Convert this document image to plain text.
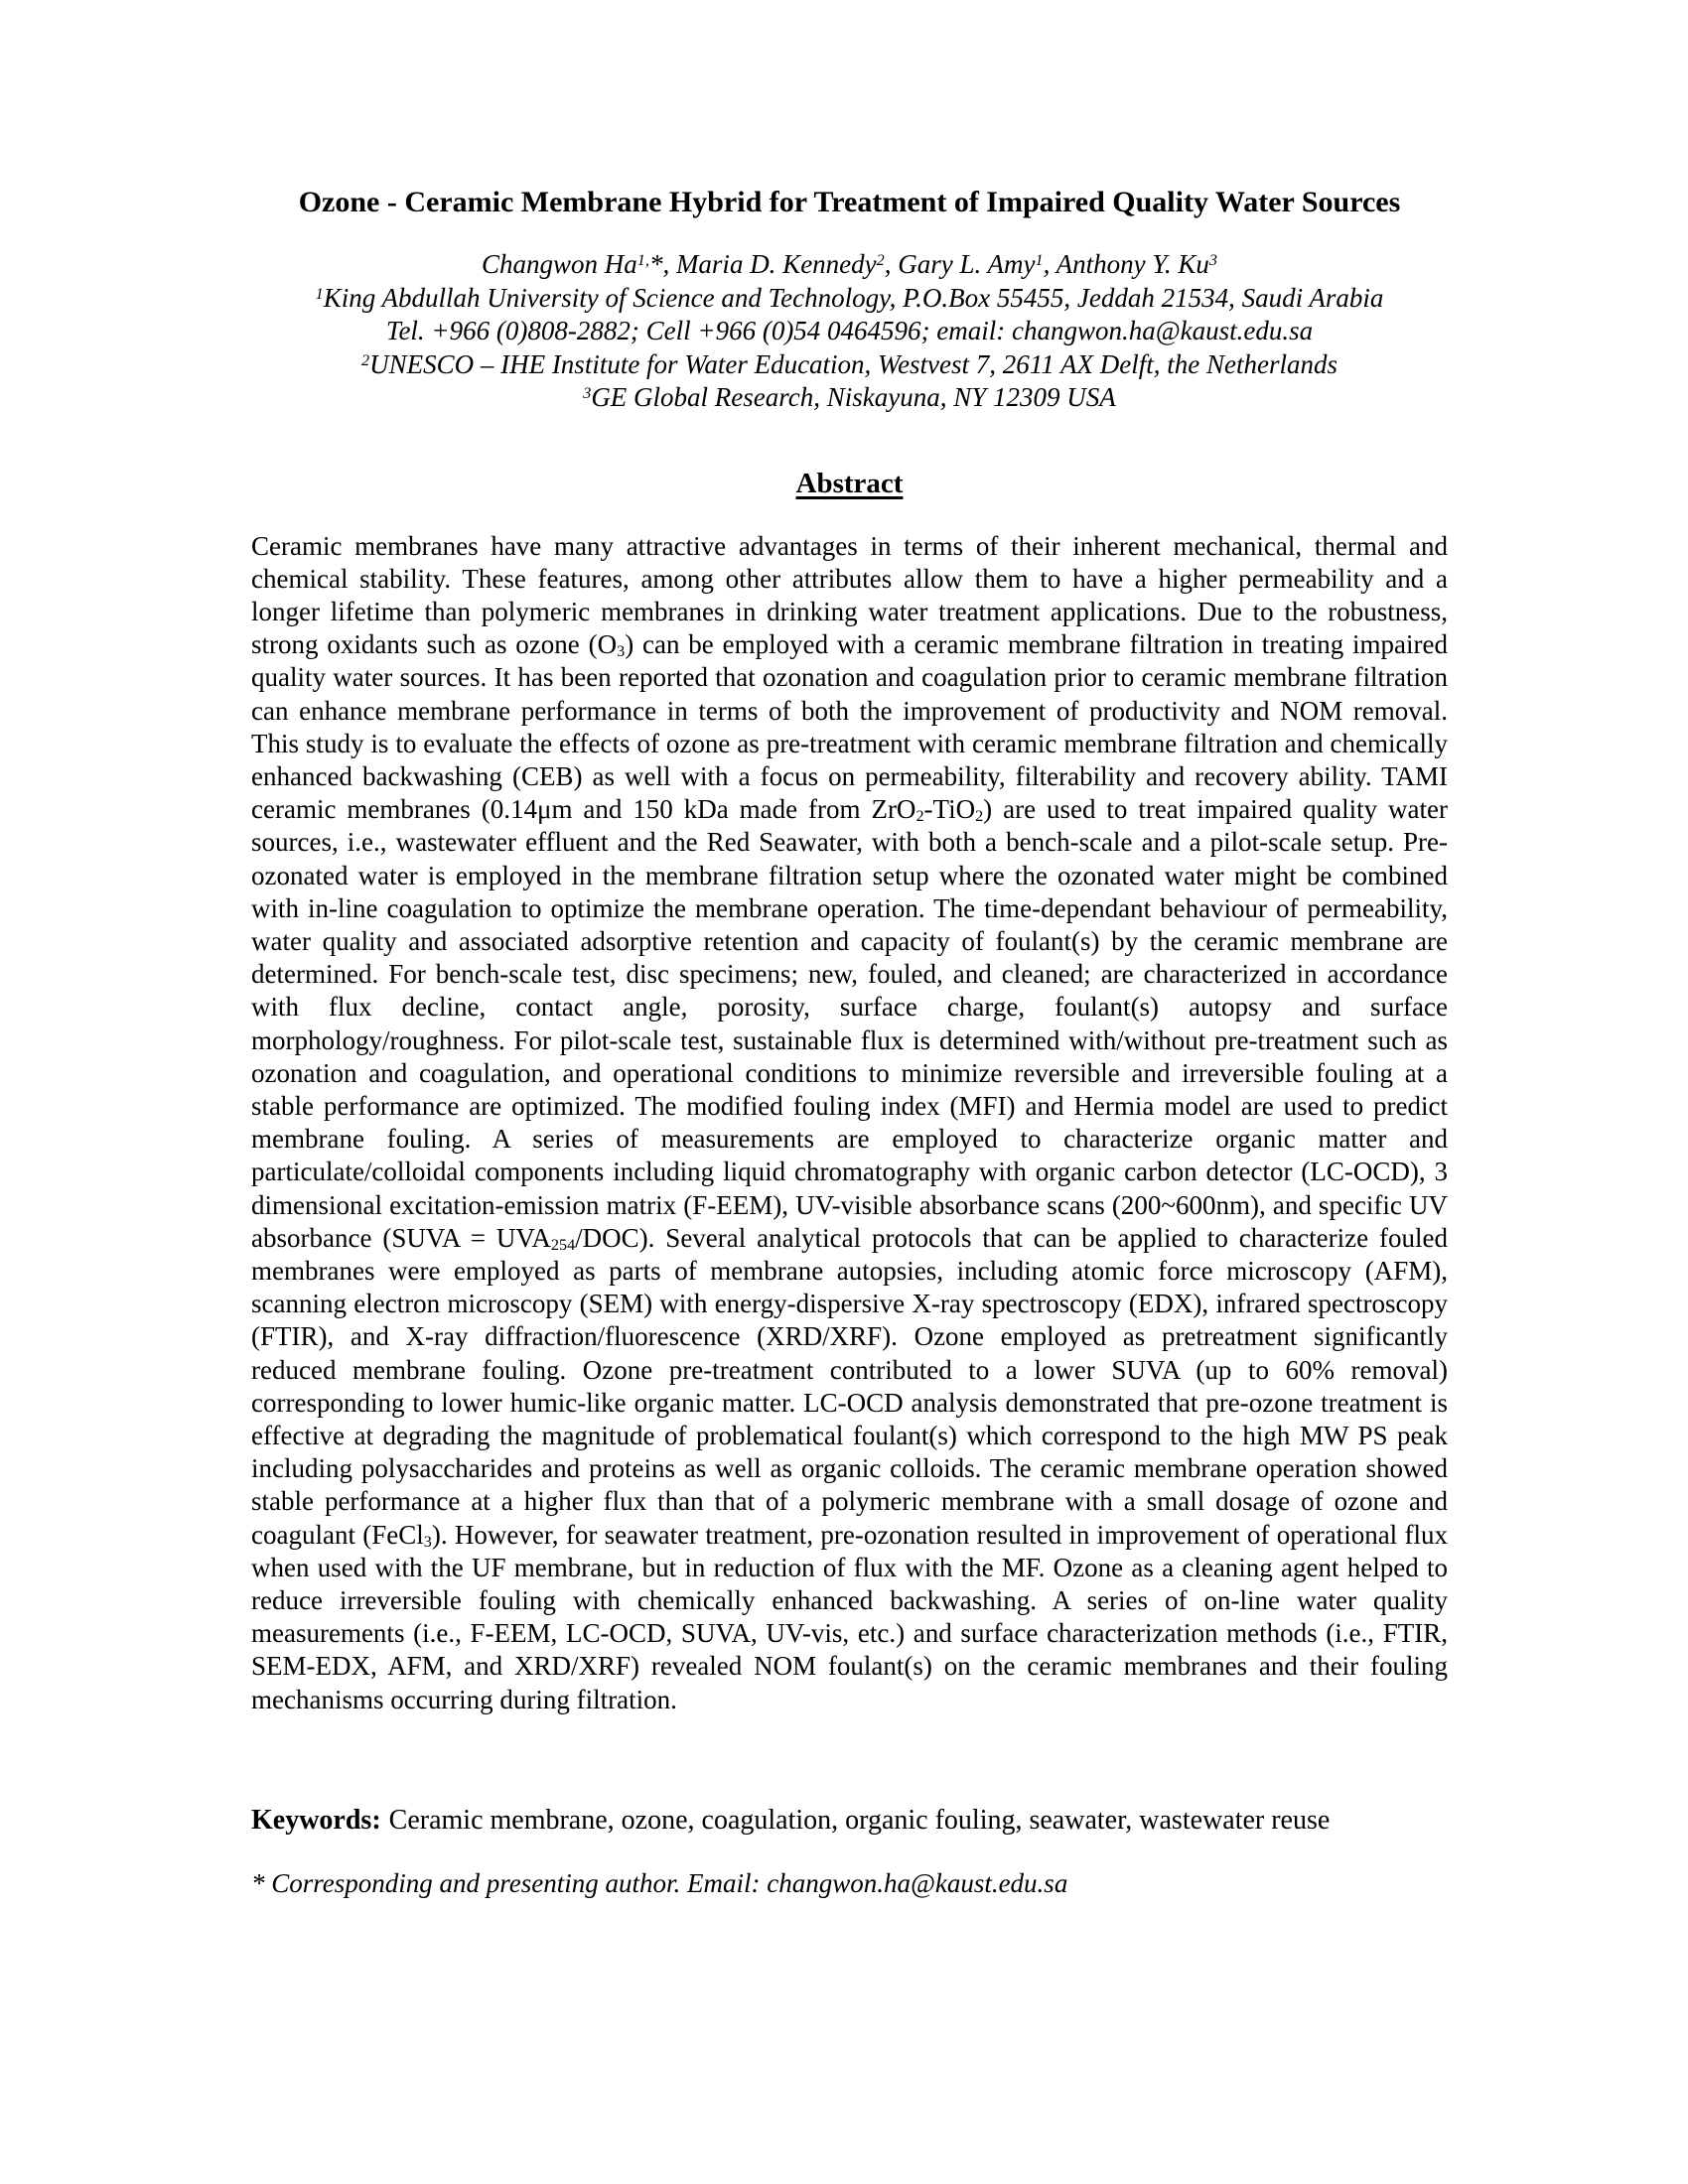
Ozone - Ceramic Membrane Hybrid for Treatment of Impaired Quality Water Sources
Changwon $Ha^{1,}*$, Maria D. Kennedy$^2$, Gary L. Amy$^1$, Anthony Y. Ku$^3$
$^1$King Abdullah University of Science and Technology, P.O.Box 55455, Jeddah 21534, Saudi Arabia
Tel. +966 (0)808-2882; Cell +966 (0)54 0464596; email: changwon.ha@kaust.edu.sa
$^2$UNESCO – IHE Institute for Water Education, Westvest 7, 2611 AX Delft, the Netherlands
$^3$GE Global Research, Niskayuna, NY 12309 USA
Abstract
Ceramic membranes have many attractive advantages in terms of their inherent mechanical, thermal and chemical stability. These features, among other attributes allow them to have a higher permeability and a longer lifetime than polymeric membranes in drinking water treatment applications. Due to the robustness, strong oxidants such as ozone $(O_3)$ can be employed with a ceramic membrane filtration in treating impaired quality water sources. It has been reported that ozonation and coagulation prior to ceramic membrane filtration can enhance membrane performance in terms of both the improvement of productivity and NOM removal. This study is to evaluate the effects of ozone as pre-treatment with ceramic membrane filtration and chemically enhanced backwashing (CEB) as well with a focus on permeability, filterability and recovery ability. TAMI ceramic membranes (0.14μm and 150 kDa made from ZrO$_2$-TiO$_2$) are used to treat impaired quality water sources, i.e., wastewater effluent and the Red Seawater, with both a bench-scale and a pilot-scale setup. Pre-ozonated water is employed in the membrane filtration setup where the ozonated water might be combined with in-line coagulation to optimize the membrane operation. The time-dependant behaviour of permeability, water quality and associated adsorptive retention and capacity of foulant(s) by the ceramic membrane are determined. For bench-scale test, disc specimens; new, fouled, and cleaned; are characterized in accordance with flux decline, contact angle, porosity, surface charge, foulant(s) autopsy and surface morphology/roughness. For pilot-scale test, sustainable flux is determined with/without pre-treatment such as ozonation and coagulation, and operational conditions to minimize reversible and irreversible fouling at a stable performance are optimized. The modified fouling index (MFI) and Hermia model are used to predict membrane fouling. A series of measurements are employed to characterize organic matter and particulate/colloidal components including liquid chromatography with organic carbon detector (LC-OCD), 3 dimensional excitation-emission matrix (F-EEM), UV-visible absorbance scans (200~600nm), and specific UV absorbance (SUVA = $UVA_{254}/DOC$). Several analytical protocols that can be applied to characterize fouled membranes were employed as parts of membrane autopsies, including atomic force microscopy (AFM), scanning electron microscopy (SEM) with energy-dispersive X-ray spectroscopy (EDX), infrared spectroscopy (FTIR), and X-ray diffraction/fluorescence (XRD/XRF). Ozone employed as pretreatment significantly reduced membrane fouling. Ozone pre-treatment contributed to a lower SUVA (up to 60% removal) corresponding to lower humic-like organic matter. LC-OCD analysis demonstrated that pre-ozone treatment is effective at degrading the magnitude of problematical foulant(s) which correspond to the high MW PS peak including polysaccharides and proteins as well as organic colloids. The ceramic membrane operation showed stable performance at a higher flux than that of a polymeric membrane with a small dosage of ozone and coagulant (FeCl$_3$). However, for seawater treatment, pre-ozonation resulted in improvement of operational flux when used with the UF membrane, but in reduction of flux with the MF. Ozone as a cleaning agent helped to reduce irreversible fouling with chemically enhanced backwashing. A series of on-line water quality measurements (i.e., F-EEM, LC-OCD, SUVA, UV-vis, etc.) and surface characterization methods (i.e., FTIR, SEM-EDX, AFM, and XRD/XRF) revealed NOM foulant(s) on the ceramic membranes and their fouling mechanisms occurring during filtration.
Keywords: Ceramic membrane, ozone, coagulation, organic fouling, seawater, wastewater reuse
* Corresponding and presenting author. Email: changwon.ha@kaust.edu.sa
